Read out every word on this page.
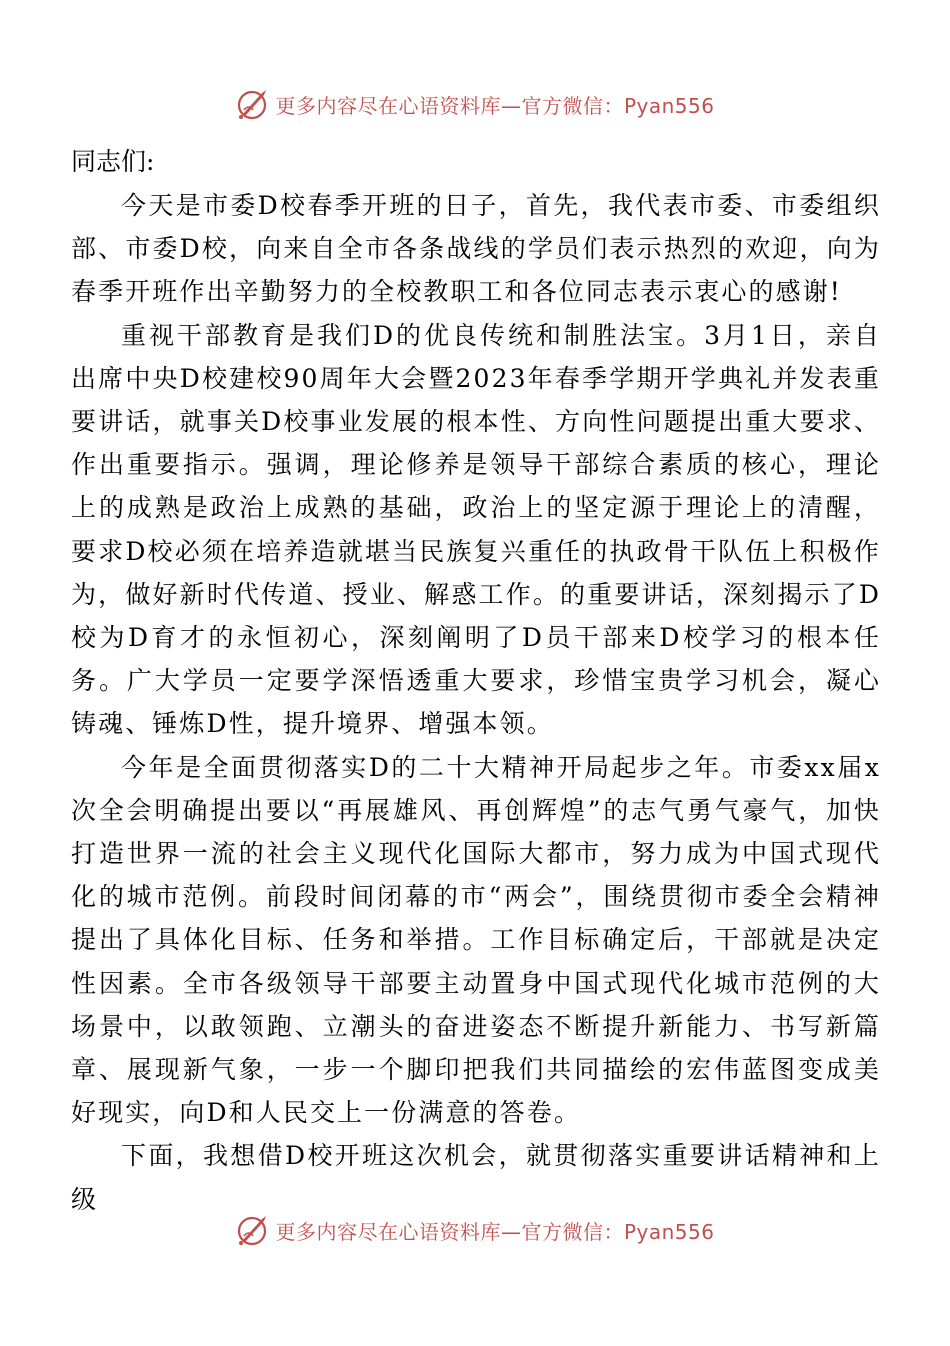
更多内容尽在心语资料库—官方微信：Pyan556

同志们:

今天是市委D校春季开班的日子，首先，我代表市委、市委组织部、市委D校，向来自全市各条战线的学员们表示热烈的欢迎，向为春季开班作出辛勤努力的全校教职工和各位同志表示衷心的感谢!

重视干部教育是我们D的优良传统和制胜法宝。3月1日，亲自出席中央D校建校90周年大会暨2023年春季学期开学典礼并发表重要讲话，就事关D校事业发展的根本性、方向性问题提出重大要求、作出重要指示。强调，理论修养是领导干部综合素质的核心，理论上的成熟是政治上成熟的基础，政治上的坚定源于理论上的清醒，要求D校必须在培养造就堪当民族复兴重任的执政骨干队伍上积极作为，做好新时代传道、授业、解惑工作。的重要讲话，深刻揭示了D校为D育才的永恒初心，深刻阐明了D员干部来D校学习的根本任务。广大学员一定要学深悟透重大要求，珍惜宝贵学习机会，凝心铸魂、锤炼D性，提升境界、增强本领。

今年是全面贯彻落实D的二十大精神开局起步之年。市委xx届x次全会明确提出要以“再展雄风、再创辉煌”的志气勇气豪气，加快打造世界一流的社会主义现代化国际大都市，努力成为中国式现代化的城市范例。前段时间闭幕的市“两会”，围绕贯彻市委全会精神提出了具体化目标、任务和举措。工作目标确定后，干部就是决定性因素。全市各级领导干部要主动置身中国式现代化城市范例的大场景中，以敢领跑、立潮头的奋进姿态不断提升新能力、书写新篇章、展现新气象，一步一个脚印把我们共同描绘的宏伟蓝图变成美好现实，向D和人民交上一份满意的答卷。

下面，我想借D校开班这次机会，就贯彻落实重要讲话精神和上级

更多内容尽在心语资料库—官方微信：Pyan556
